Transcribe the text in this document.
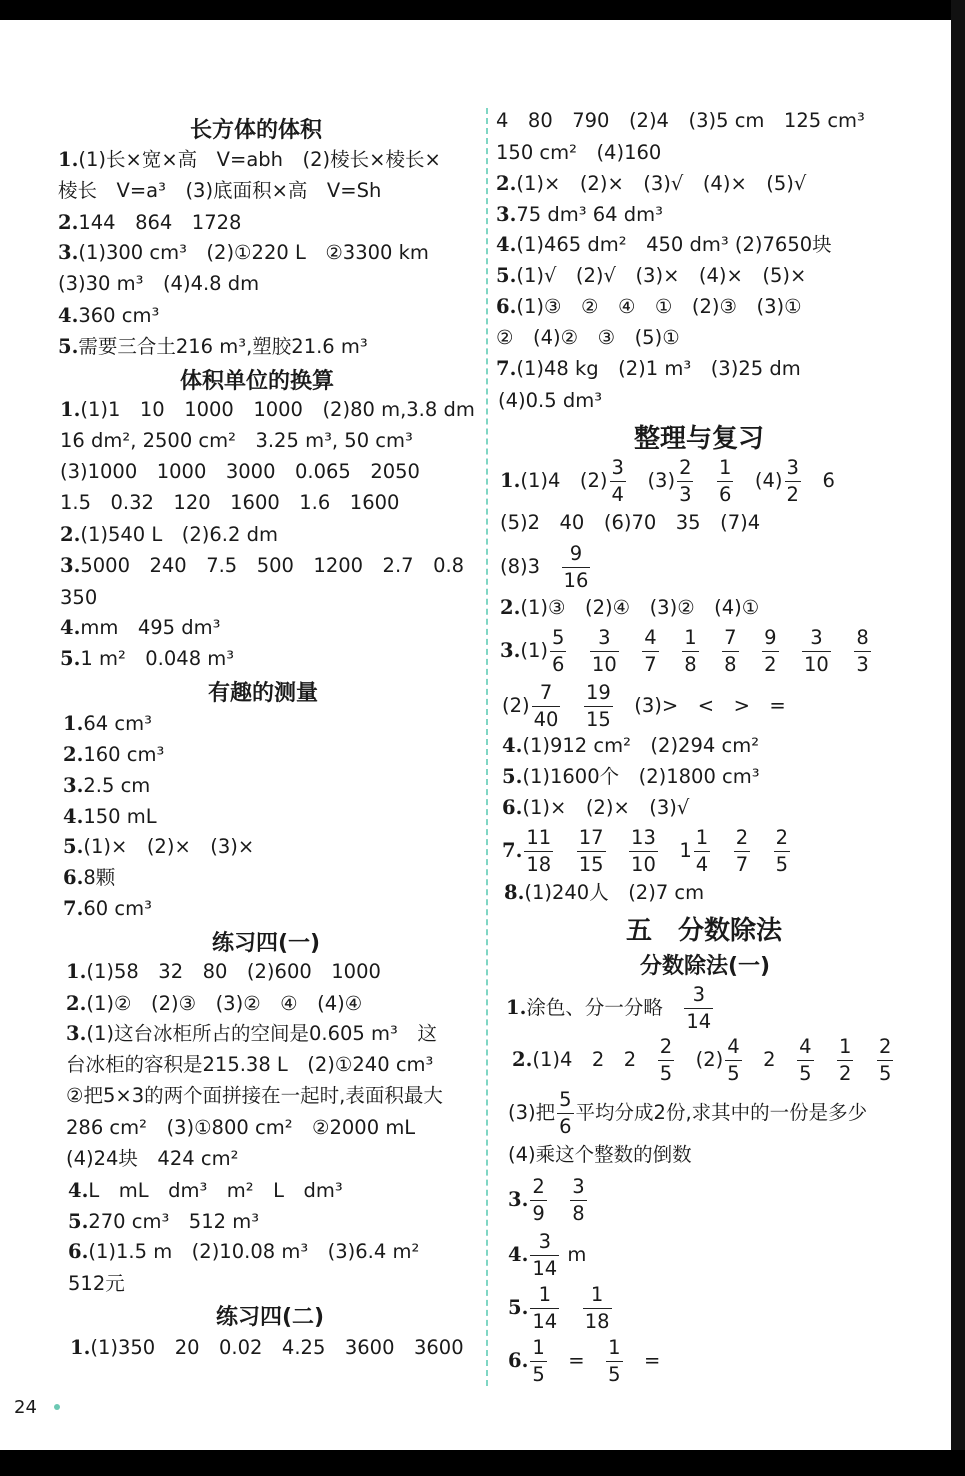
长方体的体积
1.(1)长×宽×高　V=abh　(2)棱长×棱长×
棱长　V=a³　(3)底面积×高　V=Sh
2.144　864　1728
3.(1)300 cm³　(2)①220 L　②3300 km
(3)30 m³　(4)4.8 dm
4.360 cm³
5.需要三合土216 m³,塑胶21.6 m³
体积单位的换算
1.(1)1　10　1000　1000　(2)80 m,3.8 dm
16 dm², 2500 cm²　3.25 m³, 50 cm³
(3)1000　1000　3000　0.065　2050
1.5　0.32　120　1600　1.6　1600
2.(1)540 L　(2)6.2 dm
3.5000　240　7.5　500　1200　2.7　0.8
350
4.mm　495 dm³
5.1 m²　0.048 m³
有趣的测量
1.64 cm³
2.160 cm³
3.2.5 cm
4.150 mL
5.(1)×　(2)×　(3)×
6.8颗
7.60 cm³
练习四(一)
1.(1)58　32　80　(2)600　1000
2.(1)②　(2)③　(3)②　④　(4)④
3.(1)这台冰柜所占的空间是0.605 m³　这
台冰柜的容积是215.38 L　(2)①240 cm³
②把5×3的两个面拼接在一起时,表面积最大
286 cm²　(3)①800 cm²　②2000 mL
(4)24块　424 cm²
4.L　mL　dm³　m²　L　dm³
5.270 cm³　512 m³
6.(1)1.5 m　(2)10.08 m³　(3)6.4 m²
512元
练习四(二)
1.(1)350　20　0.02　4.25　3600　3600
4　80　790　(2)4　(3)5 cm　125 cm³
150 cm²　(4)160
2.(1)×　(2)×　(3)√　(4)×　(5)√
3.75 dm³ 64 dm³
4.(1)465 dm²　450 dm³ (2)7650块
5.(1)√　(2)√　(3)×　(4)×　(5)×
6.(1)③　②　④　①　(2)③　(3)①
②　(4)②　③　(5)①
7.(1)48 kg　(2)1 m³　(3)25 dm
(4)0.5 dm³
整理与复习
1.(1)4　$(2) \frac{3}{4}$ 　$(3) \frac{2}{3}$
　 $\frac{1}{6}$ 　$(4) \frac{3}{2}$ 　6
(5)2　40　(6)70　35　(7)4
(8)3　 $\frac{9}{16}$
2.(1)③　(2)④　(3)②　(4)①
$3.(1) \frac{5}{6}$
　 $\frac{3}{10}$
　 $\frac{4}{7}$
　 $\frac{1}{8}$
　 $\frac{7}{8}$
　 $\frac{9}{2}$
　 $\frac{3}{10}$
　 $\frac{8}{3}$
$(2) \frac{7}{40}$
　 $\frac{19}{15}$ 　(3)>　<　>　=
4.(1)912 cm²　(2)294 cm²
5.(1)1600个　(2)1800 cm³
6.(1)×　(2)×　(3)√
7. $\frac{11}{18}$
　 $\frac{17}{15}$
　 $\frac{13}{10}$ 　$1 \frac{1}{4}$
　 $\frac{2}{7}$
　 $\frac{2}{5}$
8.(1)240人　(2)7 cm
五　分数除法
分数除法(一)
1.涂色、分一分略　 $\frac{3}{14}$
2.(1)4　2　2　 $\frac{2}{5}$ 　$(2) \frac{4}{5}$ 　2　 $\frac{4}{5}$
　 $\frac{1}{2}$
　 $\frac{2}{5}$
(3)把 $\frac{5}{6}$ 平均分成2份,求其中的一份是多少
(4)乘这个整数的倒数
3. $\frac{2}{9}$
　 $\frac{3}{8}$
4. $\frac{3}{14}$ m
5. $\frac{1}{14}$
　 $\frac{1}{18}$
6. $\frac{1}{5}$ 　=　 $\frac{1}{5}$ 　=
24
